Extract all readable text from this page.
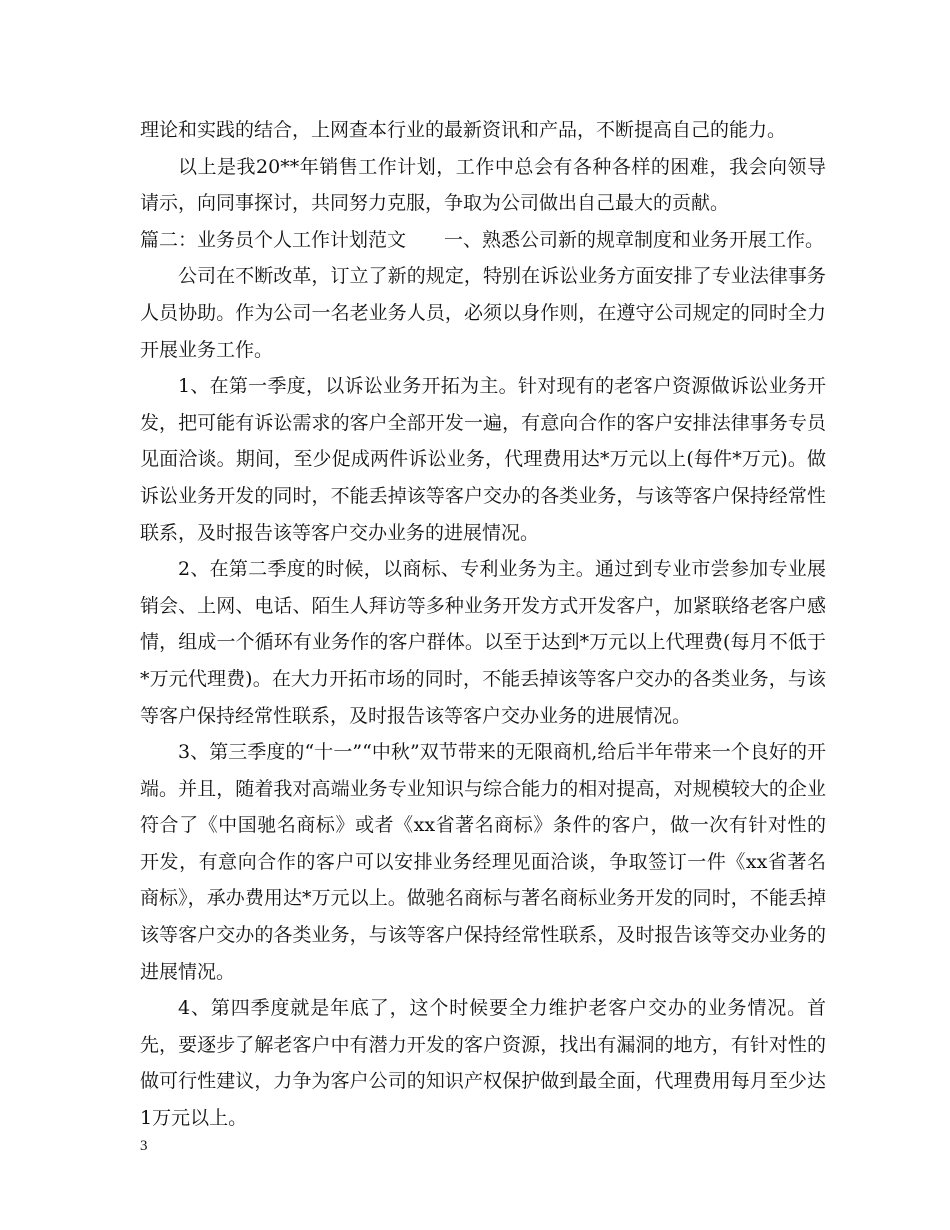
理论和实践的结合，上网查本行业的最新资讯和产品，不断提高自己的能力。

以上是我20**年销售工作计划，工作中总会有各种各样的困难，我会向领导请示，向同事探讨，共同努力克服，争取为公司做出自己最大的贡献。

篇二：业务员个人工作计划范文　　一、熟悉公司新的规章制度和业务开展工作。

公司在不断改革，订立了新的规定，特别在诉讼业务方面安排了专业法律事务人员协助。作为公司一名老业务人员，必须以身作则，在遵守公司规定的同时全力开展业务工作。

1、在第一季度，以诉讼业务开拓为主。针对现有的老客户资源做诉讼业务开发，把可能有诉讼需求的客户全部开发一遍，有意向合作的客户安排法律事务专员见面洽谈。期间，至少促成两件诉讼业务，代理费用达*万元以上(每件*万元)。做诉讼业务开发的同时，不能丢掉该等客户交办的各类业务，与该等客户保持经常性联系，及时报告该等客户交办业务的进展情况。

2、在第二季度的时候，以商标、专利业务为主。通过到专业市尝参加专业展销会、上网、电话、陌生人拜访等多种业务开发方式开发客户，加紧联络老客户感情，组成一个循环有业务作的客户群体。以至于达到*万元以上代理费(每月不低于*万元代理费)。在大力开拓市场的同时，不能丢掉该等客户交办的各类业务，与该等客户保持经常性联系，及时报告该等客户交办业务的进展情况。

3、第三季度的“十一”“中秋”双节带来的无限商机,给后半年带来一个良好的开端。并且，随着我对高端业务专业知识与综合能力的相对提高，对规模较大的企业符合了《中国驰名商标》或者《xx省著名商标》条件的客户，做一次有针对性的开发，有意向合作的客户可以安排业务经理见面洽谈，争取签订一件《xx省著名商标》，承办费用达*万元以上。做驰名商标与著名商标业务开发的同时，不能丢掉该等客户交办的各类业务，与该等客户保持经常性联系，及时报告该等交办业务的进展情况。

4、第四季度就是年底了，这个时候要全力维护老客户交办的业务情况。首先，要逐步了解老客户中有潜力开发的客户资源，找出有漏洞的地方，有针对性的做可行性建议，力争为客户公司的知识产权保护做到最全面，代理费用每月至少达1万元以上。

3
